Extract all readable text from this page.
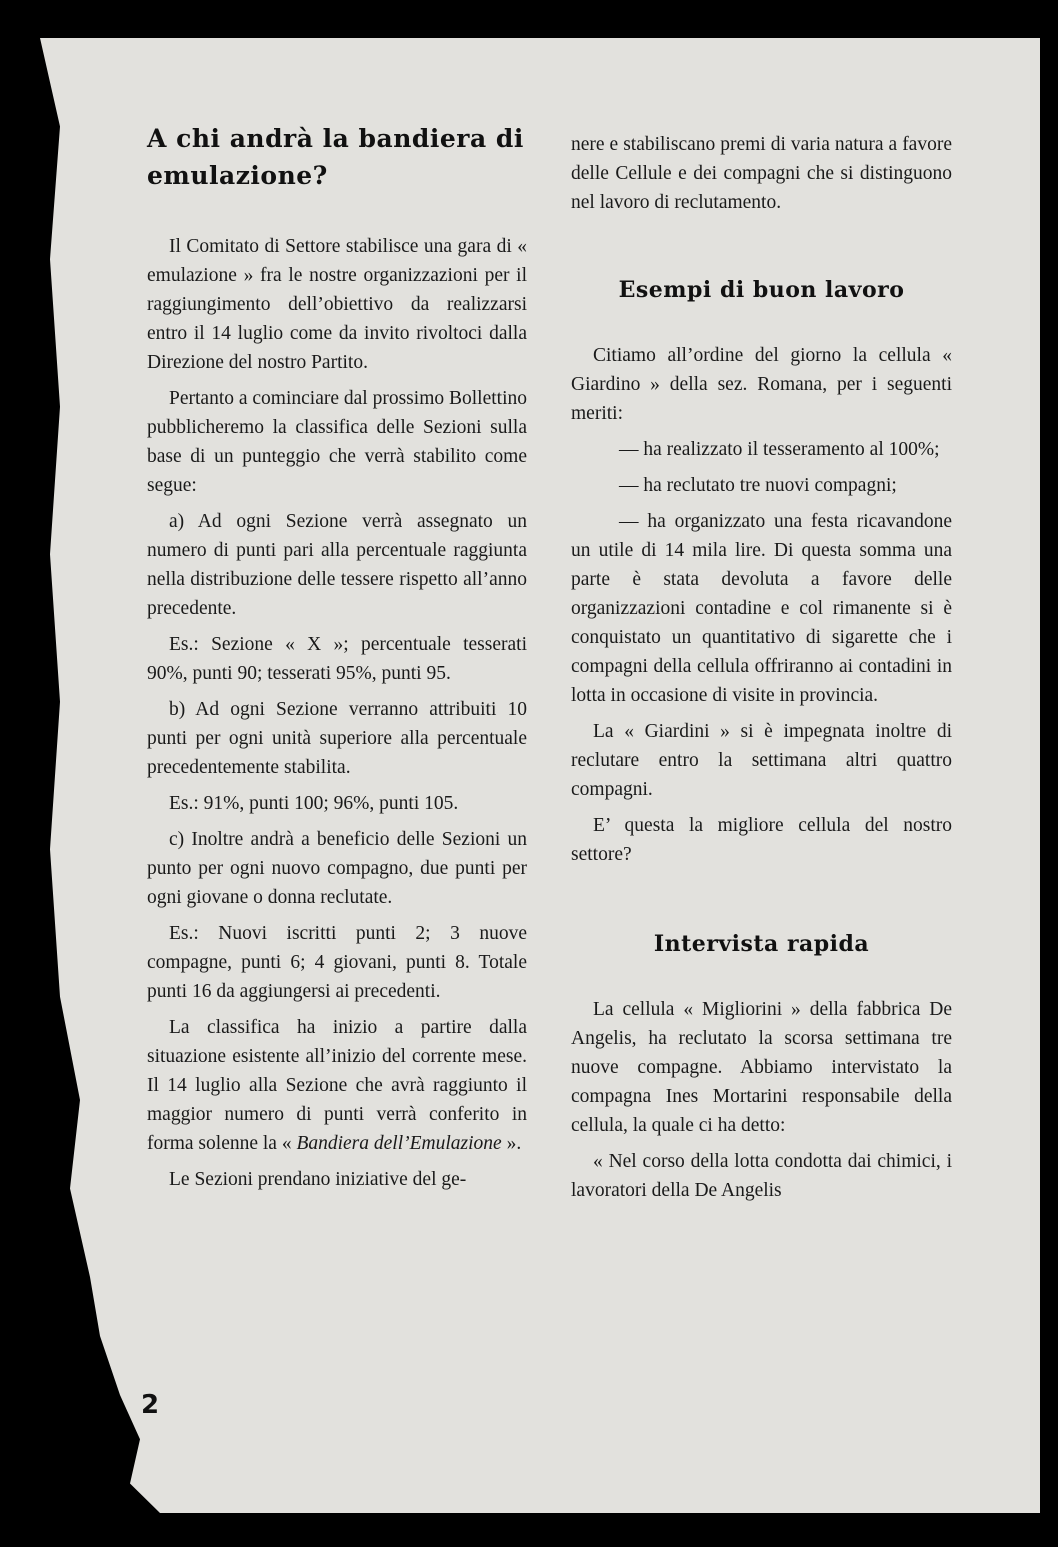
A chi andrà la bandiera di emulazione?

Il Comitato di Settore stabilisce una gara di « emulazione » fra le nostre organizzazioni per il raggiungimento dell’obiettivo da realizzarsi entro il 14 luglio come da invito rivoltoci dalla Direzione del nostro Partito.

Pertanto a cominciare dal prossimo Bollettino pubblicheremo la classifica delle Sezioni sulla base di un punteggio che verrà stabilito come segue:

a) Ad ogni Sezione verrà assegnato un numero di punti pari alla percentuale raggiunta nella distribuzione delle tessere rispetto all’anno precedente.

Es.: Sezione « X »; percentuale tesserati 90%, punti 90; tesserati 95%, punti 95.

b) Ad ogni Sezione verranno attribuiti 10 punti per ogni unità superiore alla percentuale precedentemente stabilita.

Es.: 91%, punti 100; 96%, punti 105.

c) Inoltre andrà a beneficio delle Sezioni un punto per ogni nuovo compagno, due punti per ogni giovane o donna reclutate.

Es.: Nuovi iscritti punti 2; 3 nuove compagne, punti 6; 4 giovani, punti 8. Totale punti 16 da aggiungersi ai precedenti.

La classifica ha inizio a partire dalla situazione esistente all’inizio del corrente mese. Il 14 luglio alla Sezione che avrà raggiunto il maggior numero di punti verrà conferito in forma solenne la « Bandiera dell’Emulazione ».

Le Sezioni prendano iniziative del ge-

nere e stabiliscano premi di varia natura a favore delle Cellule e dei compagni che si distinguono nel lavoro di reclutamento.

Esempi di buon lavoro

Citiamo all’ordine del giorno la cellula « Giardino » della sez. Romana, per i seguenti meriti:

— ha realizzato il tesseramento al 100%;

— ha reclutato tre nuovi compagni;

— ha organizzato una festa ricavandone un utile di 14 mila lire. Di questa somma una parte è stata devoluta a favore delle organizzazioni contadine e col rimanente si è conquistato un quantitativo di sigarette che i compagni della cellula offriranno ai contadini in lotta in occasione di visite in provincia.

La « Giardini » si è impegnata inoltre di reclutare entro la settimana altri quattro compagni.

E’ questa la migliore cellula del nostro settore?

Intervista rapida

La cellula « Migliorini » della fabbrica De Angelis, ha reclutato la scorsa settimana tre nuove compagne. Abbiamo intervistato la compagna Ines Mortarini responsabile della cellula, la quale ci ha detto:

« Nel corso della lotta condotta dai chimici, i lavoratori della De Angelis

2
